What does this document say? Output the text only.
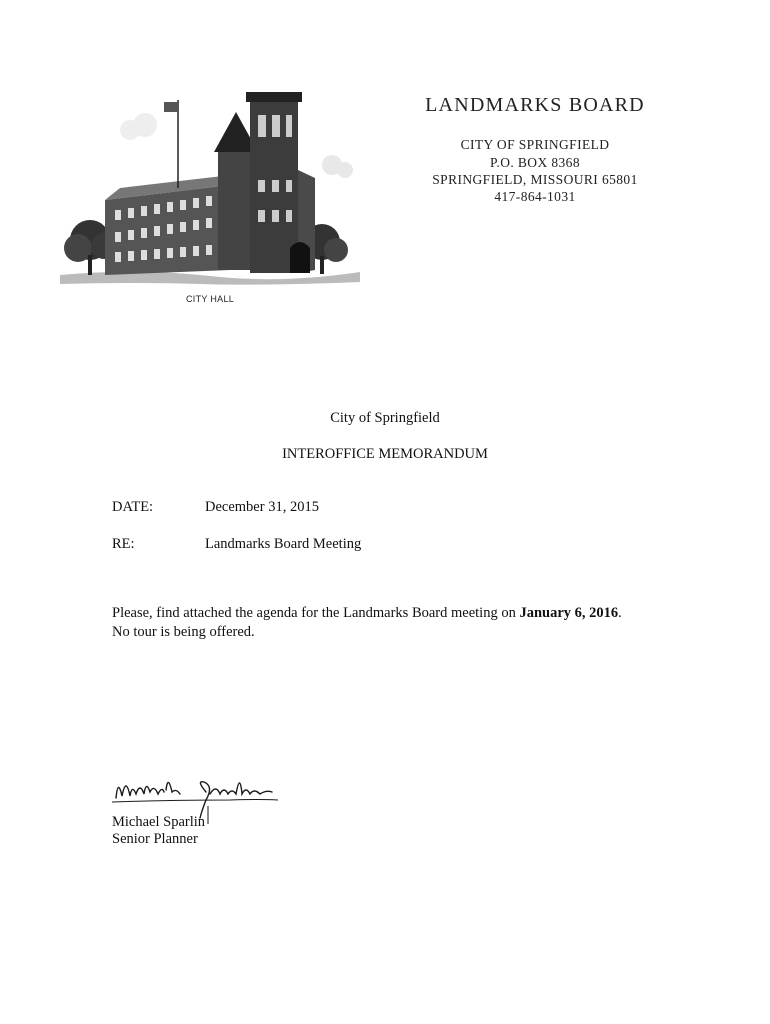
CITY HALL
LANDMARKS BOARD
CITY OF SPRINGFIELD
P.O. BOX 8368
SPRINGFIELD, MISSOURI 65801
417-864-1031
City of Springfield
INTEROFFICE MEMORANDUM
DATE:	December 31, 2015
RE:	Landmarks Board Meeting
Please, find attached the agenda for the Landmarks Board meeting on January 6, 2016.
No tour is being offered.
Michael Sparlin
Senior Planner
